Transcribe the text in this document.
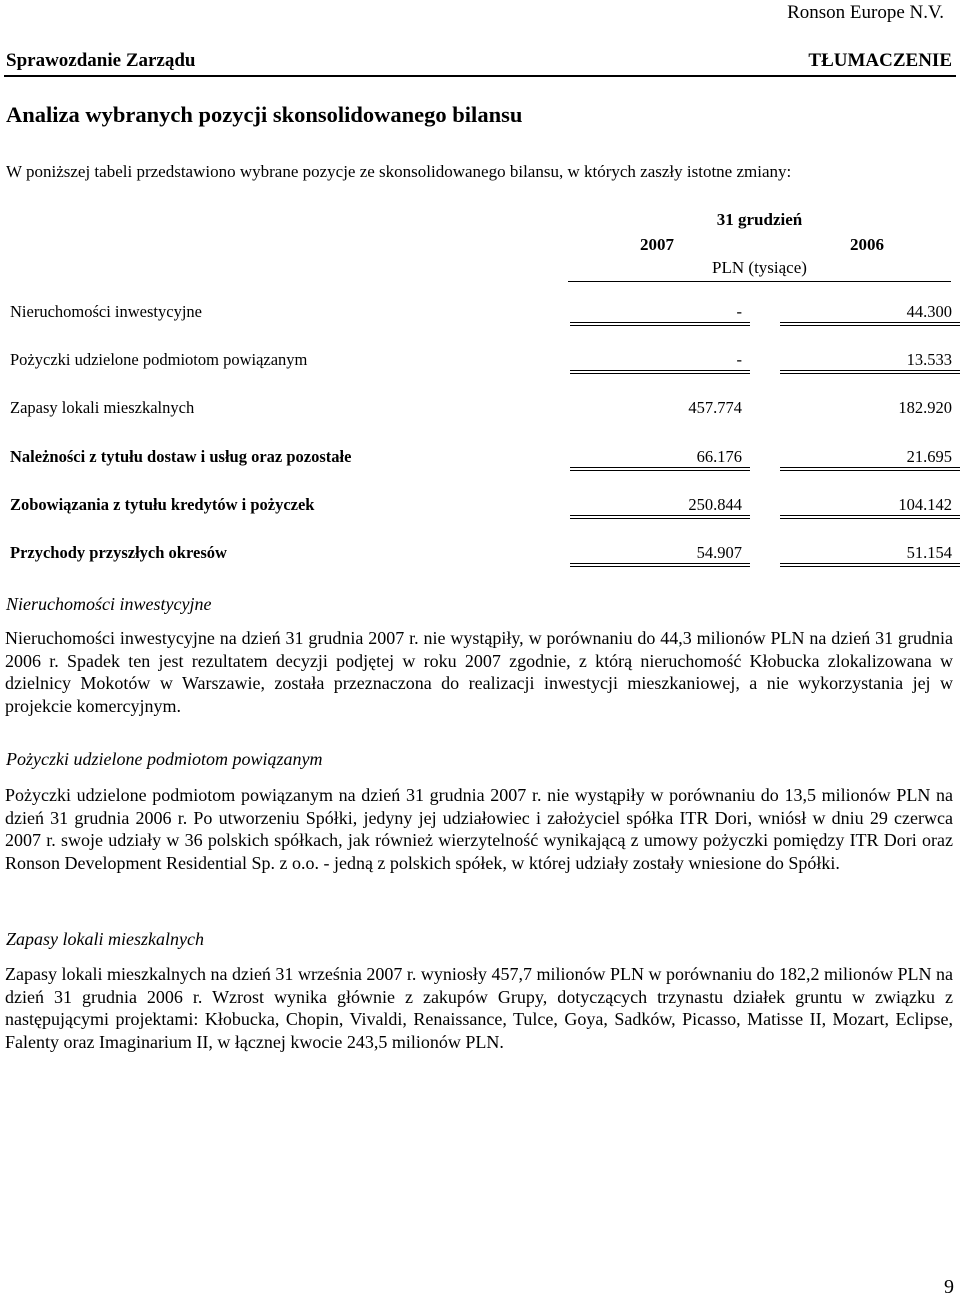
Ronson Europe N.V.
Sprawozdanie Zarządu	TŁUMACZENIE
Analiza wybranych pozycji skonsolidowanego bilansu
W poniższej tabeli przedstawiono wybrane pozycje ze skonsolidowanego bilansu, w których zaszły istotne zmiany:
31 grudzień
2007	2006
PLN (tysiące)
Nieruchomości inwestycyjne	-	44.300
Pożyczki udzielone podmiotom powiązanym	-	13.533
Zapasy lokali mieszkalnych	457.774	182.920
Należności z tytułu dostaw i usług oraz pozostałe	66.176	21.695
Zobowiązania z tytułu kredytów i pożyczek	250.844	104.142
Przychody przyszłych okresów	54.907	51.154
Nieruchomości inwestycyjne

Nieruchomości inwestycyjne na dzień 31 grudnia 2007 r. nie wystąpiły, w porównaniu do 44,3 milionów PLN na dzień 31 grudnia 2006 r. Spadek ten jest rezultatem decyzji podjętej w roku 2007 zgodnie, z którą nieruchomość Kłobucka zlokalizowana w dzielnicy Mokotów w Warszawie, została przeznaczona do realizacji inwestycji mieszkaniowej, a nie wykorzystania jej w projekcie komercyjnym.

Pożyczki udzielone podmiotom powiązanym

Pożyczki udzielone podmiotom powiązanym na dzień 31 grudnia 2007 r. nie wystąpiły w porównaniu do 13,5 milionów PLN na dzień 31 grudnia 2006 r. Po utworzeniu Spółki, jedyny jej udziałowiec i założyciel spółka ITR Dori, wniósł w dniu 29 czerwca 2007 r. swoje udziały w 36 polskich spółkach, jak również wierzytelność wynikającą z umowy pożyczki pomiędzy ITR Dori oraz Ronson Development Residential Sp. z o.o. - jedną z polskich spółek, w której udziały zostały wniesione do Spółki.

Zapasy lokali mieszkalnych

Zapasy lokali mieszkalnych na dzień 31 września 2007 r. wyniosły 457,7 milionów PLN w porównaniu do 182,2 milionów PLN na dzień 31 grudnia 2006 r. Wzrost wynika głównie z zakupów Grupy, dotyczących trzynastu działek gruntu w związku z następującymi projektami: Kłobucka, Chopin, Vivaldi, Renaissance, Tulce, Goya, Sadków, Picasso, Matisse II, Mozart, Eclipse, Falenty oraz Imaginarium II, w łącznej kwocie 243,5 milionów PLN.

9
